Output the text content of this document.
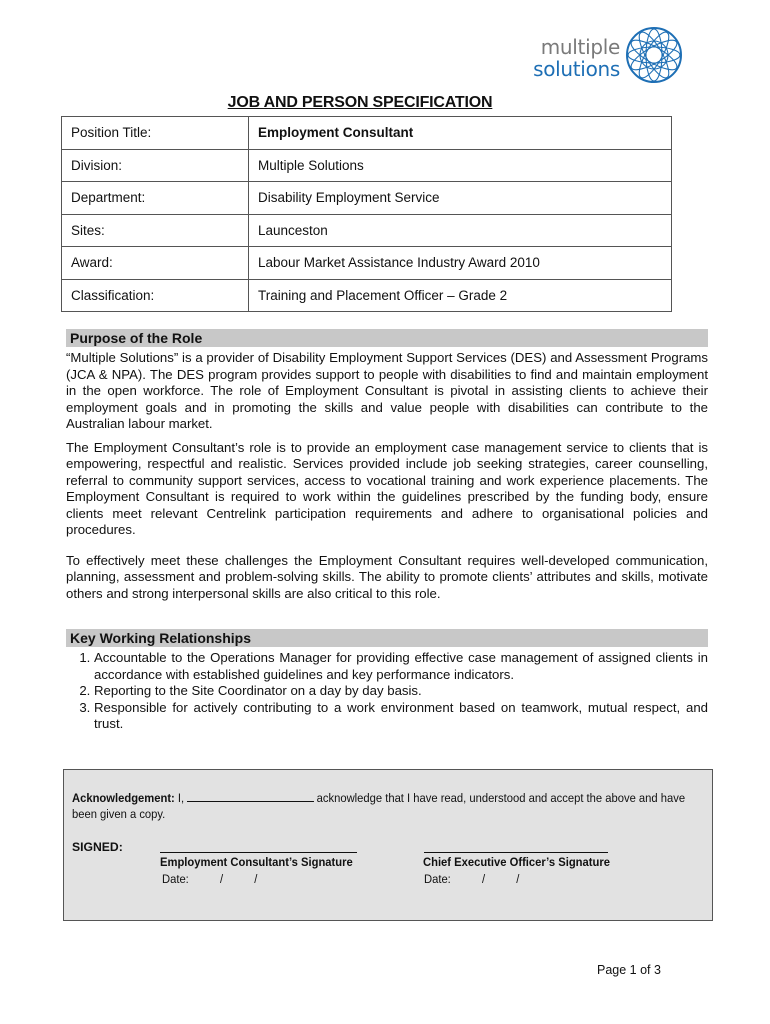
multiple
solutions
JOB AND PERSON SPECIFICATION
Position Title:	Employment Consultant
Division:	Multiple Solutions
Department:	Disability Employment Service
Sites:	Launceston
Award:	Labour Market Assistance Industry Award 2010
Classification:	Training and Placement Officer – Grade 2
Purpose of the Role

“Multiple Solutions” is a provider of Disability Employment Support Services (DES) and Assessment Programs (JCA & NPA). The DES program provides support to people with disabilities to find and maintain employment in the open workforce. The role of Employment Consultant is pivotal in assisting clients to achieve their employment goals and in promoting the skills and value people with disabilities can contribute to the Australian labour market.

The Employment Consultant’s role is to provide an employment case management service to clients that is empowering, respectful and realistic. Services provided include job seeking strategies, career counselling, referral to community support services, access to vocational training and work experience placements. The Employment Consultant is required to work within the guidelines prescribed by the funding body, ensure clients meet relevant Centrelink participation requirements and adhere to organisational policies and procedures.

To effectively meet these challenges the Employment Consultant requires well-developed communication, planning, assessment and problem-solving skills. The ability to promote clients’ attributes and skills, motivate others and strong interpersonal skills are also critical to this role.

Key Working Relationships
1. Accountable to the Operations Manager for providing effective case management of assigned clients in accordance with established guidelines and key performance indicators.
2. Reporting to the Site Coordinator on a day by day basis.
3. Responsible for actively contributing to a work environment based on teamwork, mutual respect, and trust.
Acknowledgement: I,	acknowledge that I have read, understood and accept the above and have been given a copy.
SIGNED:
Employment Consultant’s Signature
Date:          /          /
Chief Executive Officer’s Signature
Date:          /          /
Page 1 of 3
